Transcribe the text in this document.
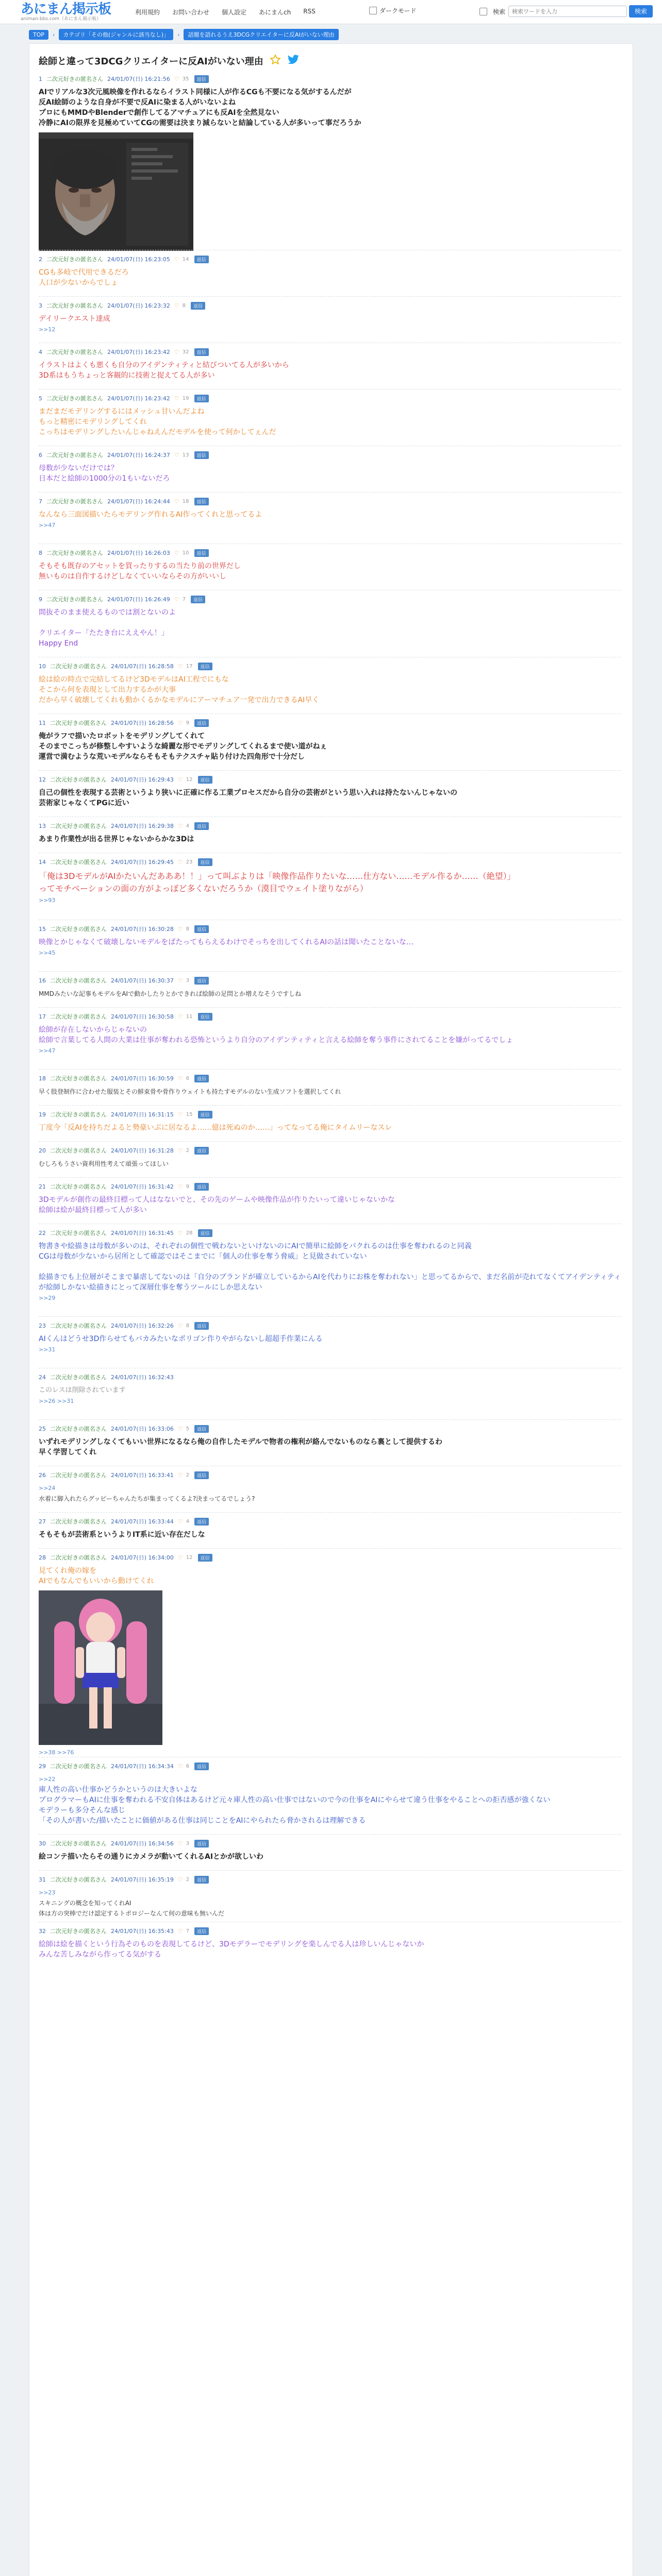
あにまん掲示板
animan-bbs.com（あにまん掲示板）
利用規約 お問い合わせ 個人設定 あにまんch RSS	ダークモード	検索
検索ワードを入力	検索
TOP	›	カテゴリ「その他(ジャンルに該当なし)」	›	話題を語れるうえ3DCGクリエイターに反AIがいない理由
絵師と違って3DCGクリエイターに反AIがいない理由
1 二次元好きの匿名さん 24/01/07(日) 16:21:56 ♡ 35	返信
AIでリアルな3次元風映像を作れるならイラスト同様に人が作るCGも不要になる気がするんだが
反AI絵師のような自身が不要で反AIに染まる人がいないよね
プロにもMMDやBlenderで創作してるアマチュアにも反AIを全然見ない
冷静にAIの限界を見極めていてCGの需要は決まり減らないと結論している人が多いって事だろうか
2 二次元好きの匿名さん 24/01/07(日) 16:23:05 ♡ 14	返信
CGも多岐で代用できるだろ
人口が少ないからでしょ
3 二次元好きの匿名さん 24/01/07(日) 16:23:32 ♡ 8	返信
デイリークエスト達成
>>12
4 二次元好きの匿名さん 24/01/07(日) 16:23:42 ♡ 32	返信
イラストはよくも悪くも自分のアイデンティティと結びついてる人が多いから
3D系はもうちょっと客観的に技術と捉えてる人が多い
5 二次元好きの匿名さん 24/01/07(日) 16:23:42 ♡ 19	返信
まだまだモデリングするにはメッシュ甘いんだよね
もっと精密にモデリングしてくれ
こっちはモデリングしたいんじゃねえんだモデルを使って何かしてぇんだ
6 二次元好きの匿名さん 24/01/07(日) 16:24:37 ♡ 13	返信
母数が少ないだけでは？
日本だと絵師の1000分の1もいないだろ
7 二次元好きの匿名さん 24/01/07(日) 16:24:44 ♡ 18	返信
なんなら三面図描いたらモデリング作れるAI作ってくれと思ってるよ
>>47
8 二次元好きの匿名さん 24/01/07(日) 16:26:03 ♡ 10	返信
そもそも既存のアセットを買ったりするの当たり前の世界だし
無いものは自作するけどしなくていいならその方がいいし
9 二次元好きの匿名さん 24/01/07(日) 16:26:49 ♡ 7	返信
間抜そのまま使えるものでは割とないのよ

クリエイター「たたき台にええやん！」
Happy End
10 二次元好きの匿名さん 24/01/07(日) 16:28:58 ♡ 17	返信
絵は絵の時点で完結してるけど3DモデルはAI工程でにもな
そこから何を表現として出力するかが大事
だから早く破壊してくれも動かくるかなモデルにアーマチュア一発で出力できるAI早く
11 二次元好きの匿名さん 24/01/07(日) 16:28:56 ♡ 9	返信
俺がラフで描いたロボットをモデリングしてくれて
そのまでこっちが修整しやすいような綺麗な形でモデリングしてくれるまで使い道がねぇ
運営で満むような荒いモデルならそもそもテクスチャ貼り付けた四角形で十分だし
12 二次元好きの匿名さん 24/01/07(日) 16:29:43 ♡ 12	返信
自己の個性を表現する芸術というより狭いに正確に作る工業プロセスだから自分の芸術がという思い入れは持たないんじゃないの
芸術家じゃなくてPGに近い
13 二次元好きの匿名さん 24/01/07(日) 16:29:38 ♡ 4	返信
あまり作業性が出る世界じゃないからかな3Dは
14 二次元好きの匿名さん 24/01/07(日) 16:29:45 ♡ 23	返信
「俺は3DモデルがAIかたいんだあああ！！」って叫ぶよりは「映像作品作りたいな……仕方ない……モデル作るか……（絶望）」
ってモチベーションの面の方がよっぽど多くないだろうか（漠目でウェイト塗りながら）
>>93
15 二次元好きの匿名さん 24/01/07(日) 16:30:28 ♡ 8	返信
映像とかじゃなくて破壊しないモデルをぱたってもらえるわけでそっちを出してくれるAIの話は聞いたことないな…
>>45
16 二次元好きの匿名さん 24/01/07(日) 16:30:37 ♡ 3	返信
MMDみたいな記事もモデルをAIで動かしたりとかできれば絵師の足問とか増えなそうですしね
17 二次元好きの匿名さん 24/01/07(日) 16:30:58 ♡ 11	返信
絵師が存在しないからじゃないの
絵師で言葉してる人間の大業は仕事が奪われる恐怖というより自分のアイデンティティと言える絵師を奪う事件にされてることを嫌がってるでしょ
>>47
18 二次元好きの匿名さん 24/01/07(日) 16:30:59 ♡ 6	返信
早く肢登制作に合わせた服装とその鮮束骨や骨作りウェイトも持たすモデルのない生成ソフトを選択してくれ
19 二次元好きの匿名さん 24/01/07(日) 16:31:15 ♡ 15	返信
丁度今「反AIを持ちだよると勢豪いぶに居なるよ……億は死ぬのか……」ってなってる俺にタイムリーなスレ
20 二次元好きの匿名さん 24/01/07(日) 16:31:28 ♡ 2	返信
むしろもうさい資利用性考えて頑張ってほしい
21 二次元好きの匿名さん 24/01/07(日) 16:31:42 ♡ 9	返信
3Dモデルが創作の最終目標って人はなないでと、その先のゲームや映像作品が作りたいって違いじゃないかな
絵師は絵が最終目標って人が多い
22 二次元好きの匿名さん 24/01/07(日) 16:31:45 ♡ 28	返信
物書きや絵描きは母数が多いのは、それぞれの個性で戦わないといけないのにAIで簡単に絵師をパクれるのは仕事を奪われるのと同義
CGは母数が少ないから居所として確認ではそこまでに「個人の仕事を奪う脅威」と見做されていない

絵描きでも上位層がそこまで暴虐してないのは「自分のブランドが確立しているからAIを代わりにお株を奪われない」と思ってるからで、まだ名前が売れてなくてアイデンティティが絵師しかない絵描きにとって深層仕事を奪うツールにしか思えない
>>29
23 二次元好きの匿名さん 24/01/07(日) 16:32:26 ♡ 8	返信
AIくんはどうせ3D作らせてもバカみたいなポリゴン作りやがらないし超超手作業にんる
>>31
24 二次元好きの匿名さん 24/01/07(日) 16:32:43
このレスは削除されています
>>26 >>31
25 二次元好きの匿名さん 24/01/07(日) 16:33:06 ♡ 5	返信
いずれモデリングしなくてもいい世界になるなら俺の自作したモデルで物者の権利が絡んでないものなら裏として提供するわ
早く学習してくれ
26 二次元好きの匿名さん 24/01/07(日) 16:33:41 ♡ 2	返信
>>24
水着に脚入れたらグッピーちゃんたちが集まってくるよ?決まってるでしょう?
27 二次元好きの匿名さん 24/01/07(日) 16:33:44 ♡ 4	返信
そもそもが芸術系というよりIT系に近い存在だしな
28 二次元好きの匿名さん 24/01/07(日) 16:34:00 ♡ 12	返信
見てくれ俺の嫁を
AIでもなんでもいいから動けてくれ
>>38 >>76
29 二次元好きの匿名さん 24/01/07(日) 16:34:34 ♡ 6	返信
>>22
庫人性の高い仕事かどうかというのは大きいよな
プログラマーもAIに仕事を奪われる不安自体はあるけど元々庫人性の高い仕事ではないので今の仕事をAIにやらせて違う仕事をやることへの拒否感が強くない
モデラーも多分そんな感じ
「その人が書いた/描いたことに価値がある仕事は同じことをAIにやられたら脅かされるは理解できる
30 二次元好きの匿名さん 24/01/07(日) 16:34:56 ♡ 3	返信
絵コンテ描いたらその通りにカメラが動いてくれるAIとかが欲しいわ
31 二次元好きの匿名さん 24/01/07(日) 16:35:19 ♡ 2	返信
>>23
スキニングの概念を知ってくれAI
体は方の突棒でだけ認定するトポロジーなんて何の意味も無いんだ
32 二次元好きの匿名さん 24/01/07(日) 16:35:43 ♡ 7	返信
絵師は絵を描くという行為そのものを表現してるけど、3Dモデラーでモデリングを楽しんでる人は珍しいんじゃないか
みんな苦しみながら作ってる気がする
